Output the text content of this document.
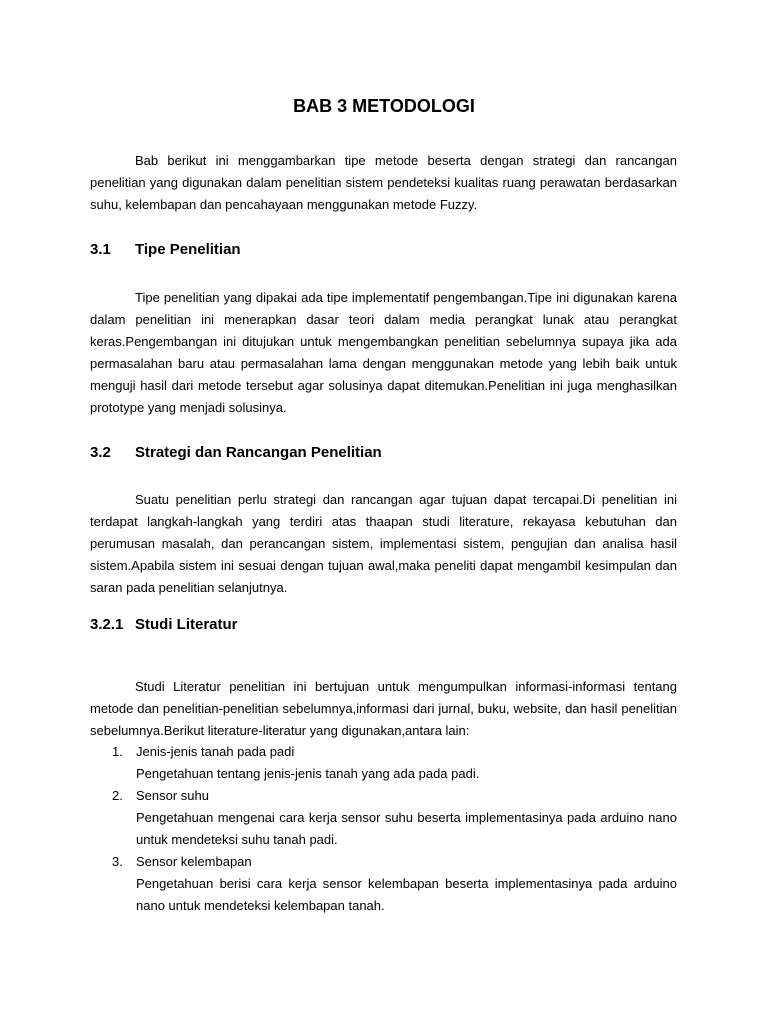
BAB 3 METODOLOGI

Bab berikut ini menggambarkan tipe metode beserta dengan strategi dan rancangan penelitian yang digunakan dalam penelitian sistem pendeteksi kualitas ruang perawatan berdasarkan suhu, kelembapan dan pencahayaan menggunakan metode Fuzzy.

3.1 Tipe Penelitian

Tipe penelitian yang dipakai ada tipe implementatif pengembangan.Tipe ini digunakan karena dalam penelitian ini menerapkan dasar teori dalam media perangkat lunak atau perangkat keras.Pengembangan ini ditujukan untuk mengembangkan penelitian sebelumnya supaya jika ada permasalahan baru atau permasalahan lama dengan menggunakan metode yang lebih baik untuk menguji hasil dari metode tersebut agar solusinya dapat ditemukan.Penelitian ini juga menghasilkan prototype yang menjadi solusinya.

3.2 Strategi dan Rancangan Penelitian

Suatu penelitian perlu strategi dan rancangan agar tujuan dapat tercapai.Di penelitian ini terdapat langkah-langkah yang terdiri atas thaapan studi literature, rekayasa kebutuhan dan perumusan masalah, dan perancangan sistem, implementasi sistem, pengujian dan analisa hasil sistem.Apabila sistem ini sesuai dengan tujuan awal,maka peneliti dapat mengambil kesimpulan dan saran pada penelitian selanjutnya.

3.2.1 Studi Literatur

Studi Literatur penelitian ini bertujuan untuk mengumpulkan informasi-informasi tentang metode dan penelitian-penelitian sebelumnya,informasi dari jurnal, buku, website, dan hasil penelitian sebelumnya.Berikut literature-literatur yang digunakan,antara lain:

1. Jenis-jenis tanah pada padi
Pengetahuan tentang jenis-jenis tanah yang ada pada padi.
2. Sensor suhu
Pengetahuan mengenai cara kerja sensor suhu beserta implementasinya pada arduino nano untuk mendeteksi suhu tanah padi.
3. Sensor kelembapan
Pengetahuan berisi cara kerja sensor kelembapan beserta implementasinya pada arduino nano untuk mendeteksi kelembapan tanah.
